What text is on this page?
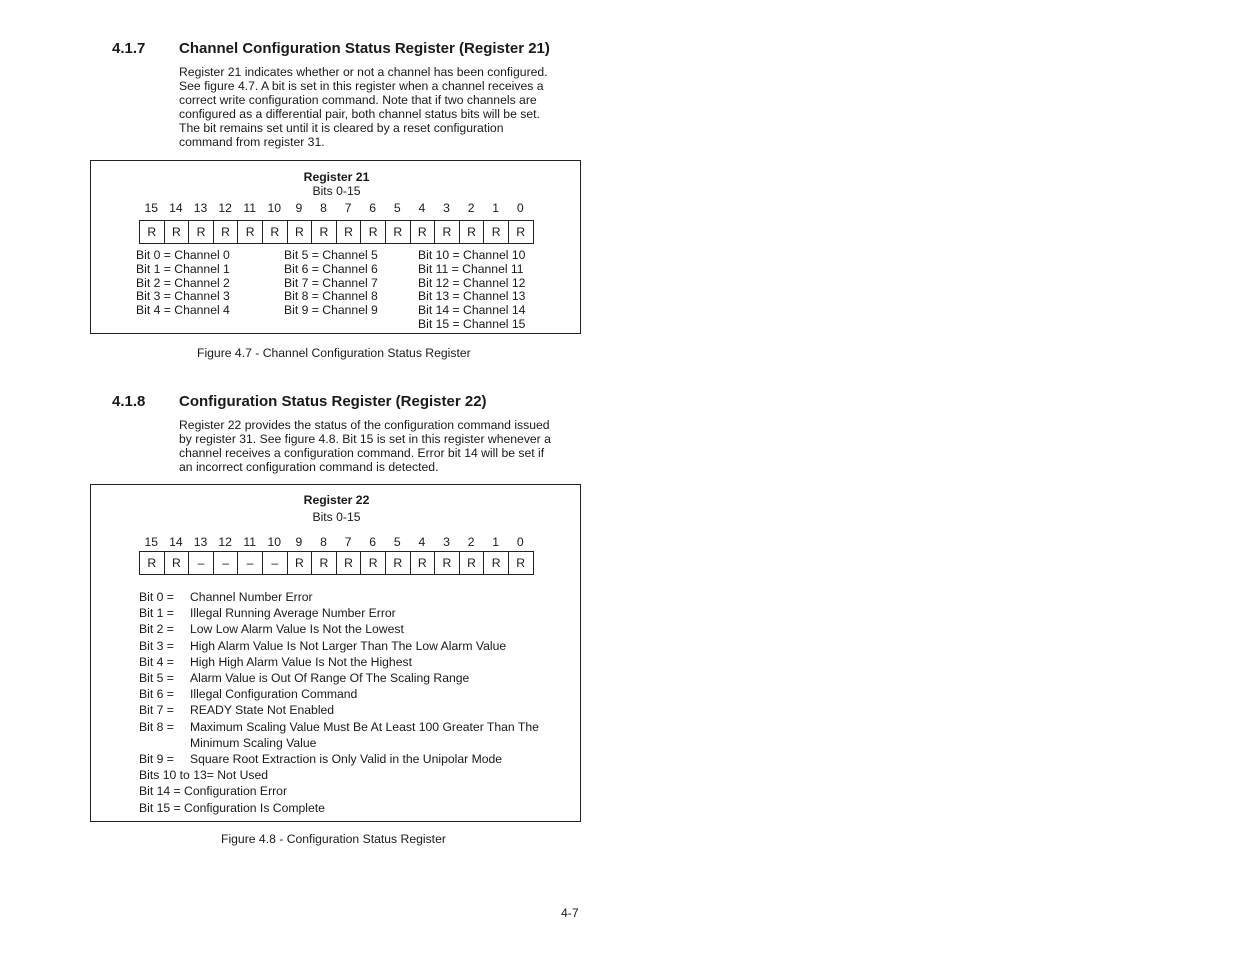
4.1.7 Channel Configuration Status Register (Register 21)
Register 21 indicates whether or not a channel has been configured.
See figure 4.7. A bit is set in this register when a channel receives a
correct write configuration command. Note that if two channels are
configured as a differential pair, both channel status bits will be set.
The bit remains set until it is cleared by a reset configuration
command from register 31.
Register 21
Bits 0-15
15 14 13 12 11 10	9	8	7	6	5	4	3	2	1	0
R	R	R	R	R	R	R	R	R	R	R	R	R	R	R	R
Bit 0 = Channel 0
Bit 1 = Channel 1
Bit 2 = Channel 2
Bit 3 = Channel 3
Bit 4 = Channel 4
Bit 5 = Channel 5
Bit 6 = Channel 6
Bit 7 = Channel 7
Bit 8 = Channel 8
Bit 9 = Channel 9
Bit 10 = Channel 10
Bit 11 = Channel 11
Bit 12 = Channel 12
Bit 13 = Channel 13
Bit 14 = Channel 14
Bit 15 = Channel 15
Figure 4.7 - Channel Configuration Status Register
4.1.8 Configuration Status Register (Register 22)
Register 22 provides the status of the configuration command issued
by register 31. See figure 4.8. Bit 15 is set in this register whenever a
channel receives a configuration command. Error bit 14 will be set if
an incorrect configuration command is detected.
Register 22
Bits 0-15
15 14 13 12 11 10	9	8	7	6	5	4	3	2	1	0
R	R	–	–	–	–	R	R	R	R	R	R	R	R	R	R
Bit 0 =	Channel Number Error
Bit 1 =	Illegal Running Average Number Error
Bit 2 =	Low Low Alarm Value Is Not the Lowest
Bit 3 =	High Alarm Value Is Not Larger Than The Low Alarm Value
Bit 4 =	High High Alarm Value Is Not the Highest
Bit 5 =	Alarm Value is Out Of Range Of The Scaling Range
Bit 6 =	Illegal Configuration Command
Bit 7 =	READY State Not Enabled
Bit 8 =	Maximum Scaling Value Must Be At Least 100 Greater Than The
Minimum Scaling Value
Bit 9 =	Square Root Extraction is Only Valid in the Unipolar Mode
Bits 10 to 13= Not Used
Bit 14 = Configuration Error
Bit 15 = Configuration Is Complete
Figure 4.8 - Configuration Status Register
4-7
